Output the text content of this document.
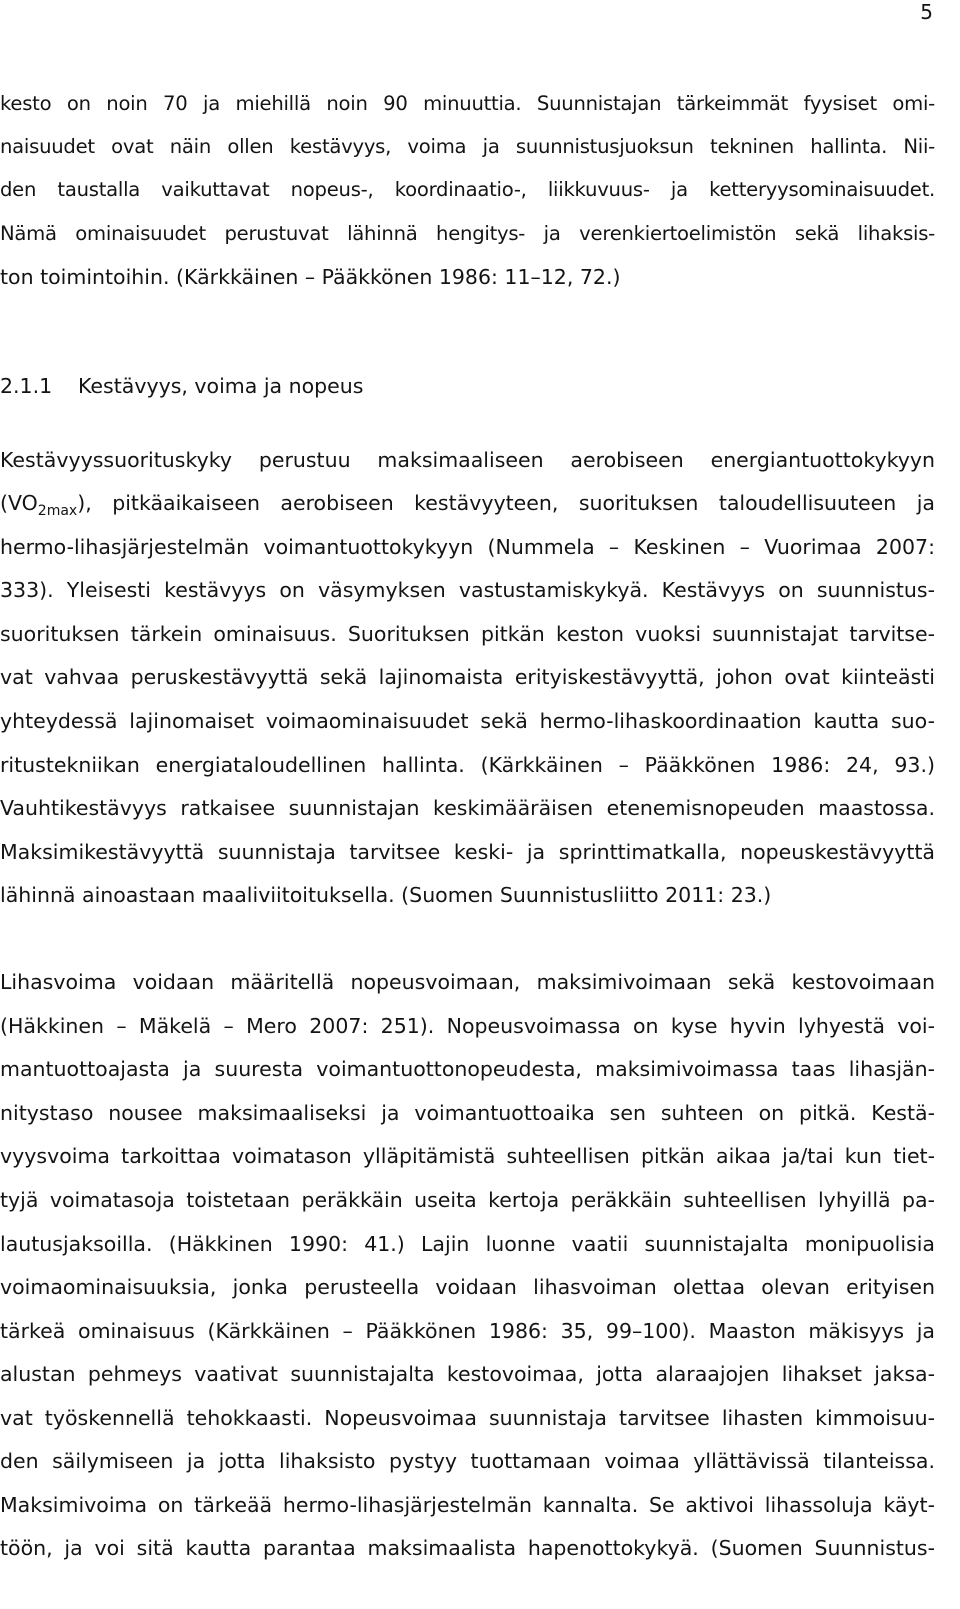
5
kesto on noin 70 ja miehillä noin 90 minuuttia. Suunnistajan tärkeimmät fyysiset omi-
naisuudet ovat näin ollen kestävyys, voima ja suunnistusjuoksun tekninen hallinta. Nii-
den taustalla vaikuttavat nopeus-, koordinaatio-, liikkuvuus- ja ketteryysominaisuudet.
Nämä ominaisuudet perustuvat lähinnä hengitys- ja verenkiertoelimistön sekä lihaksis-
ton toimintoihin. (Kärkkäinen – Pääkkönen 1986: 11–12, 72.)
2.1.1 Kestävyys, voima ja nopeus
Kestävyyssuorituskyky perustuu maksimaaliseen aerobiseen energiantuottokykyyn
$(VO_{2max})$, pitkäaikaiseen aerobiseen kestävyyteen, suorituksen taloudellisuuteen ja
hermo-lihasjärjestelmän voimantuottokykyyn (Nummela – Keskinen – Vuorimaa 2007:
333). Yleisesti kestävyys on väsymyksen vastustamiskykyä. Kestävyys on suunnistus-
suorituksen tärkein ominaisuus. Suorituksen pitkän keston vuoksi suunnistajat tarvitse-
vat vahvaa peruskestävyyttä sekä lajinomaista erityiskestävyyttä, johon ovat kiinteästi
yhteydessä lajinomaiset voimaominaisuudet sekä hermo-lihaskoordinaation kautta suo-
ritustekniikan energiataloudellinen hallinta. (Kärkkäinen – Pääkkönen 1986: 24, 93.)
Vauhtikestävyys ratkaisee suunnistajan keskimääräisen etenemisnopeuden maastossa.
Maksimikestävyyttä suunnistaja tarvitsee keski- ja sprinttimatkalla, nopeuskestävyyttä
lähinnä ainoastaan maaliviitoituksella. (Suomen Suunnistusliitto 2011: 23.)
Lihasvoima voidaan määritellä nopeusvoimaan, maksimivoimaan sekä kestovoimaan
(Häkkinen – Mäkelä – Mero 2007: 251). Nopeusvoimassa on kyse hyvin lyhyestä voi-
mantuottoajasta ja suuresta voimantuottonopeudesta, maksimivoimassa taas lihasjän-
nitystaso nousee maksimaaliseksi ja voimantuottoaika sen suhteen on pitkä. Kestä-
vyysvoima tarkoittaa voimatason ylläpitämistä suhteellisen pitkän aikaa ja/tai kun tiet-
tyjä voimatasoja toistetaan peräkkäin useita kertoja peräkkäin suhteellisen lyhyillä pa-
lautusjaksoilla. (Häkkinen 1990: 41.) Lajin luonne vaatii suunnistajalta monipuolisia
voimaominaisuuksia, jonka perusteella voidaan lihasvoiman olettaa olevan erityisen
tärkeä ominaisuus (Kärkkäinen – Pääkkönen 1986: 35, 99–100). Maaston mäkisyys ja
alustan pehmeys vaativat suunnistajalta kestovoimaa, jotta alaraajojen lihakset jaksa-
vat työskennellä tehokkaasti. Nopeusvoimaa suunnistaja tarvitsee lihasten kimmoisuu-
den säilymiseen ja jotta lihaksisto pystyy tuottamaan voimaa yllättävissä tilanteissa.
Maksimivoima on tärkeää hermo-lihasjärjestelmän kannalta. Se aktivoi lihassoluja käyt-
töön, ja voi sitä kautta parantaa maksimaalista hapenottokykyä. (Suomen Suunnistus-
